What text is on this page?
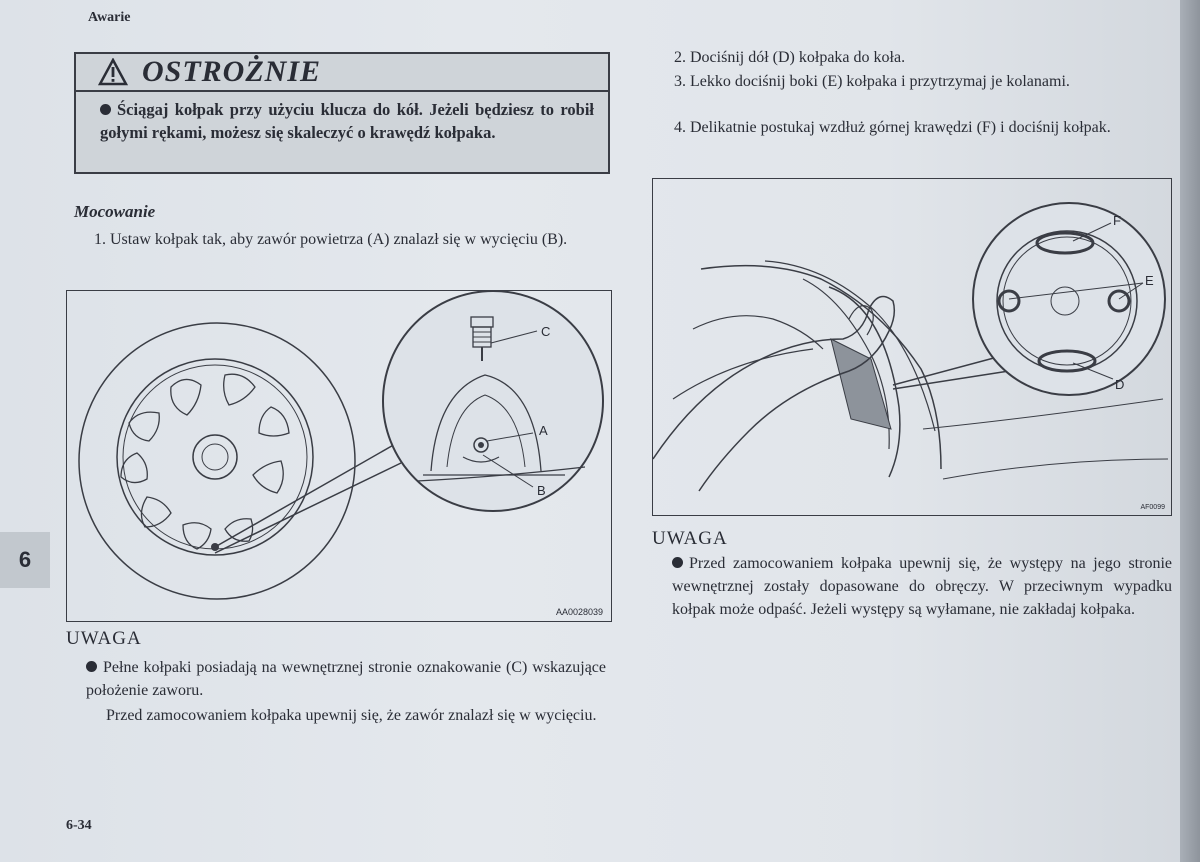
Awarie
OSTROŻNIE
Ściągaj kołpak przy użyciu klucza do kół. Jeżeli będziesz to robił gołymi rękami, możesz się skaleczyć o krawędź kołpaka.
Mocowanie
1. Ustaw kołpak tak, aby zawór powietrza (A) znalazł się w wycięciu (B).
C
A
B
AA0028039
UWAGA
Pełne kołpaki posiadają na wewnętrznej stronie oznakowanie (C) wskazujące położenie zaworu.
Przed zamocowaniem kołpaka upewnij się, że zawór znalazł się w wycięciu.
2. Dociśnij dół (D) kołpaka do koła.
3. Lekko dociśnij boki (E) kołpaka i przytrzymaj je kolanami.
4. Delikatnie postukaj wzdłuż górnej krawędzi (F) i dociśnij kołpak.
F
E
D
AF0099
UWAGA
Przed zamocowaniem kołpaka upewnij się, że występy na jego stronie wewnętrznej zostały dopasowane do obręczy. W przeciwnym wypadku kołpak może odpaść. Jeżeli występy są wyłamane, nie zakładaj kołpaka.
6-34
6
